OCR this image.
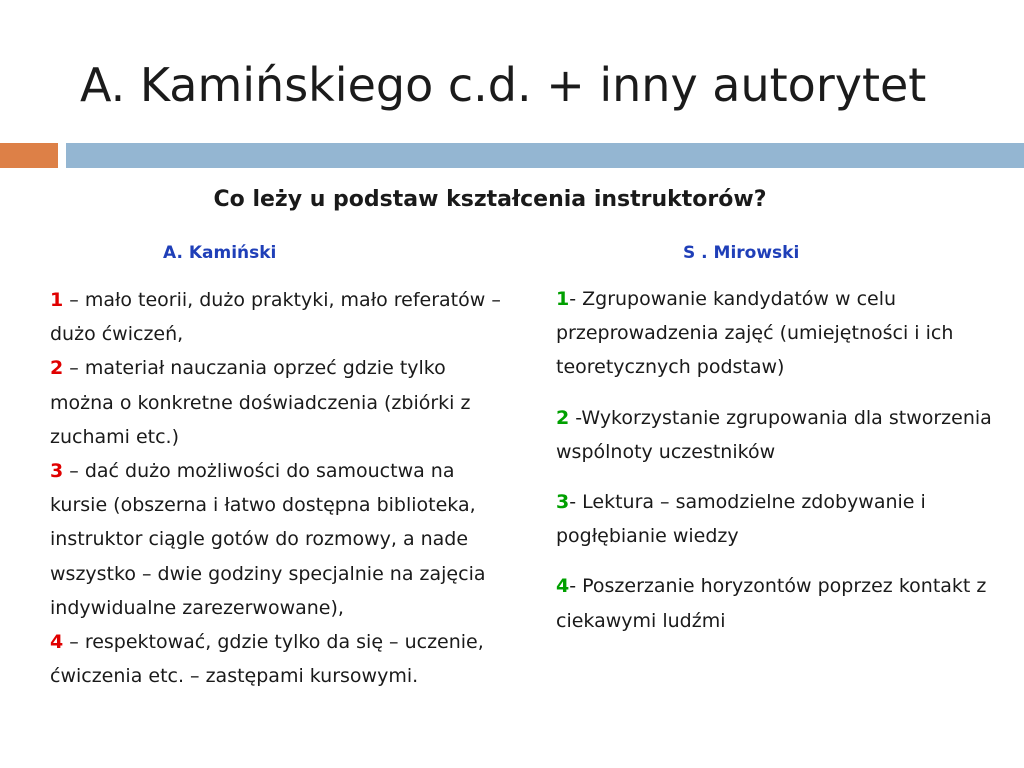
A. Kamińskiego c.d. + inny autorytet
Co leży u podstaw kształcenia instruktorów?
A. Kamiński	S . Mirowski
1 – mało teorii, dużo praktyki, mało referatów – dużo ćwiczeń,
2 – materiał nauczania oprzeć gdzie tylko można o konkretne doświadczenia (zbiórki z zuchami etc.)
3 – dać dużo możliwości do samouctwa na kursie (obszerna i łatwo dostępna biblioteka, instruktor ciągle gotów do rozmowy, a nade wszystko – dwie godziny specjalnie na zajęcia indywidualne zarezerwowane),
4 – respektować, gdzie tylko da się – uczenie, ćwiczenia etc. – zastępami kursowymi.
1- Zgrupowanie kandydatów w celu przeprowadzenia zajęć (umiejętności i ich teoretycznych podstaw)
2 -Wykorzystanie zgrupowania dla stworzenia wspólnoty uczestników
3- Lektura – samodzielne zdobywanie i pogłębianie wiedzy
4- Poszerzanie horyzontów poprzez kontakt z ciekawymi ludźmi
